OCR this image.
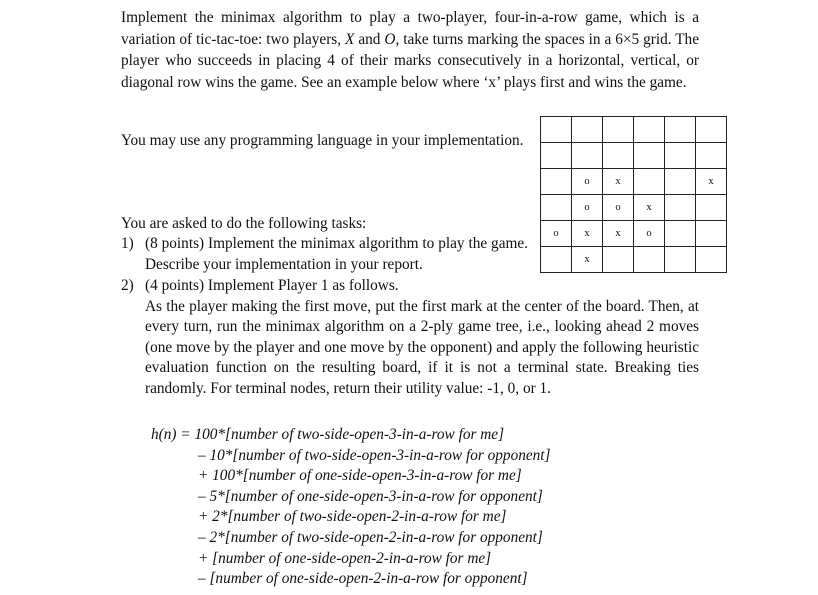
Implement the minimax algorithm to play a two-player, four-in-a-row game, which is a variation of tic-tac-toe: two players, X and O, take turns marking the spaces in a 6×5 grid. The player who succeeds in placing 4 of their marks consecutively in a horizontal, vertical, or diagonal row wins the game. See an example below where ‘x’ plays first and wins the game.

You may use any programming language in your implementation.

	o	x			x
	o	o	x		
o	x	x	o		
	x				

You are asked to do the following tasks:

1) (8 points) Implement the minimax algorithm to play the game. Describe your implementation in your report.
2) (4 points) Implement Player 1 as follows.
As the player making the first move, put the first mark at the center of the board. Then, at every turn, run the minimax algorithm on a 2-ply game tree, i.e., looking ahead 2 moves (one move by the player and one move by the opponent) and apply the following heuristic evaluation function on the resulting board, if it is not a terminal state. Breaking ties randomly. For terminal nodes, return their utility value: -1, 0, or 1.
h(n) = 100*[number of two-side-open-3-in-a-row for me]
– 10*[number of two-side-open-3-in-a-row for opponent]
+ 100*[number of one-side-open-3-in-a-row for me]
– 5*[number of one-side-open-3-in-a-row for opponent]
+ 2*[number of two-side-open-2-in-a-row for me]
– 2*[number of two-side-open-2-in-a-row for opponent]
+ [number of one-side-open-2-in-a-row for me]
– [number of one-side-open-2-in-a-row for opponent]
